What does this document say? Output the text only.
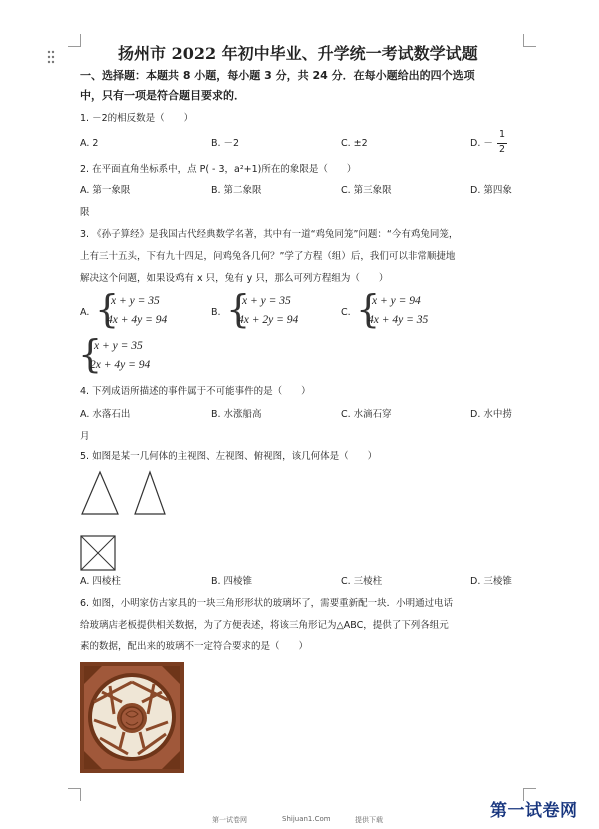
扬州市 2022 年初中毕业、升学统一考试数学试题
一、选择题：本题共 8 小题，每小题 3 分，共 24 分．在每小题给出的四个选项
中，只有一项是符合题目要求的．
1. －2的相反数是（　　）
A. 2	B. －2	C. ±2	D. －
1
2
2. 在平面直角坐标系中，点 P( - 3，a²+1)所在的象限是（　　）
A. 第一象限	B. 第二象限	C. 第三象限	D. 第四象
限
3. 《孙子算经》是我国古代经典数学名著，其中有一道“鸡兔同笼”问题：“今有鸡兔同笼，
上有三十五头，下有九十四足，问鸡兔各几何？”学了方程（组）后，我们可以非常顺捷地
解决这个问题，如果设鸡有 x 只，兔有 y 只，那么可列方程组为（　　）
A. {
x + y = 35
4x + 4y = 94
B. {
x + y = 35
4x + 2y = 94
C. {
x + y = 94
4x + 4y = 35
{
x + y = 35
2x + 4y = 94
4. 下列成语所描述的事件属于不可能事件的是（　　）
A. 水落石出	B. 水涨船高	C. 水滴石穿	D. 水中捞
月
5. 如图是某一几何体的主视图、左视图、俯视图，该几何体是（　　）
A. 四棱柱	B. 四棱锥	C. 三棱柱	D. 三棱锥
6. 如图，小明家仿古家具的一块三角形形状的玻璃坏了，需要重新配一块．小明通过电话
给玻璃店老板提供相关数据，为了方便表述，将该三角形记为△ABC，提供了下列各组元
素的数据，配出来的玻璃不一定符合要求的是（　　）
第一试卷网	Shijuan1.Com	提供下载	第一试卷网
